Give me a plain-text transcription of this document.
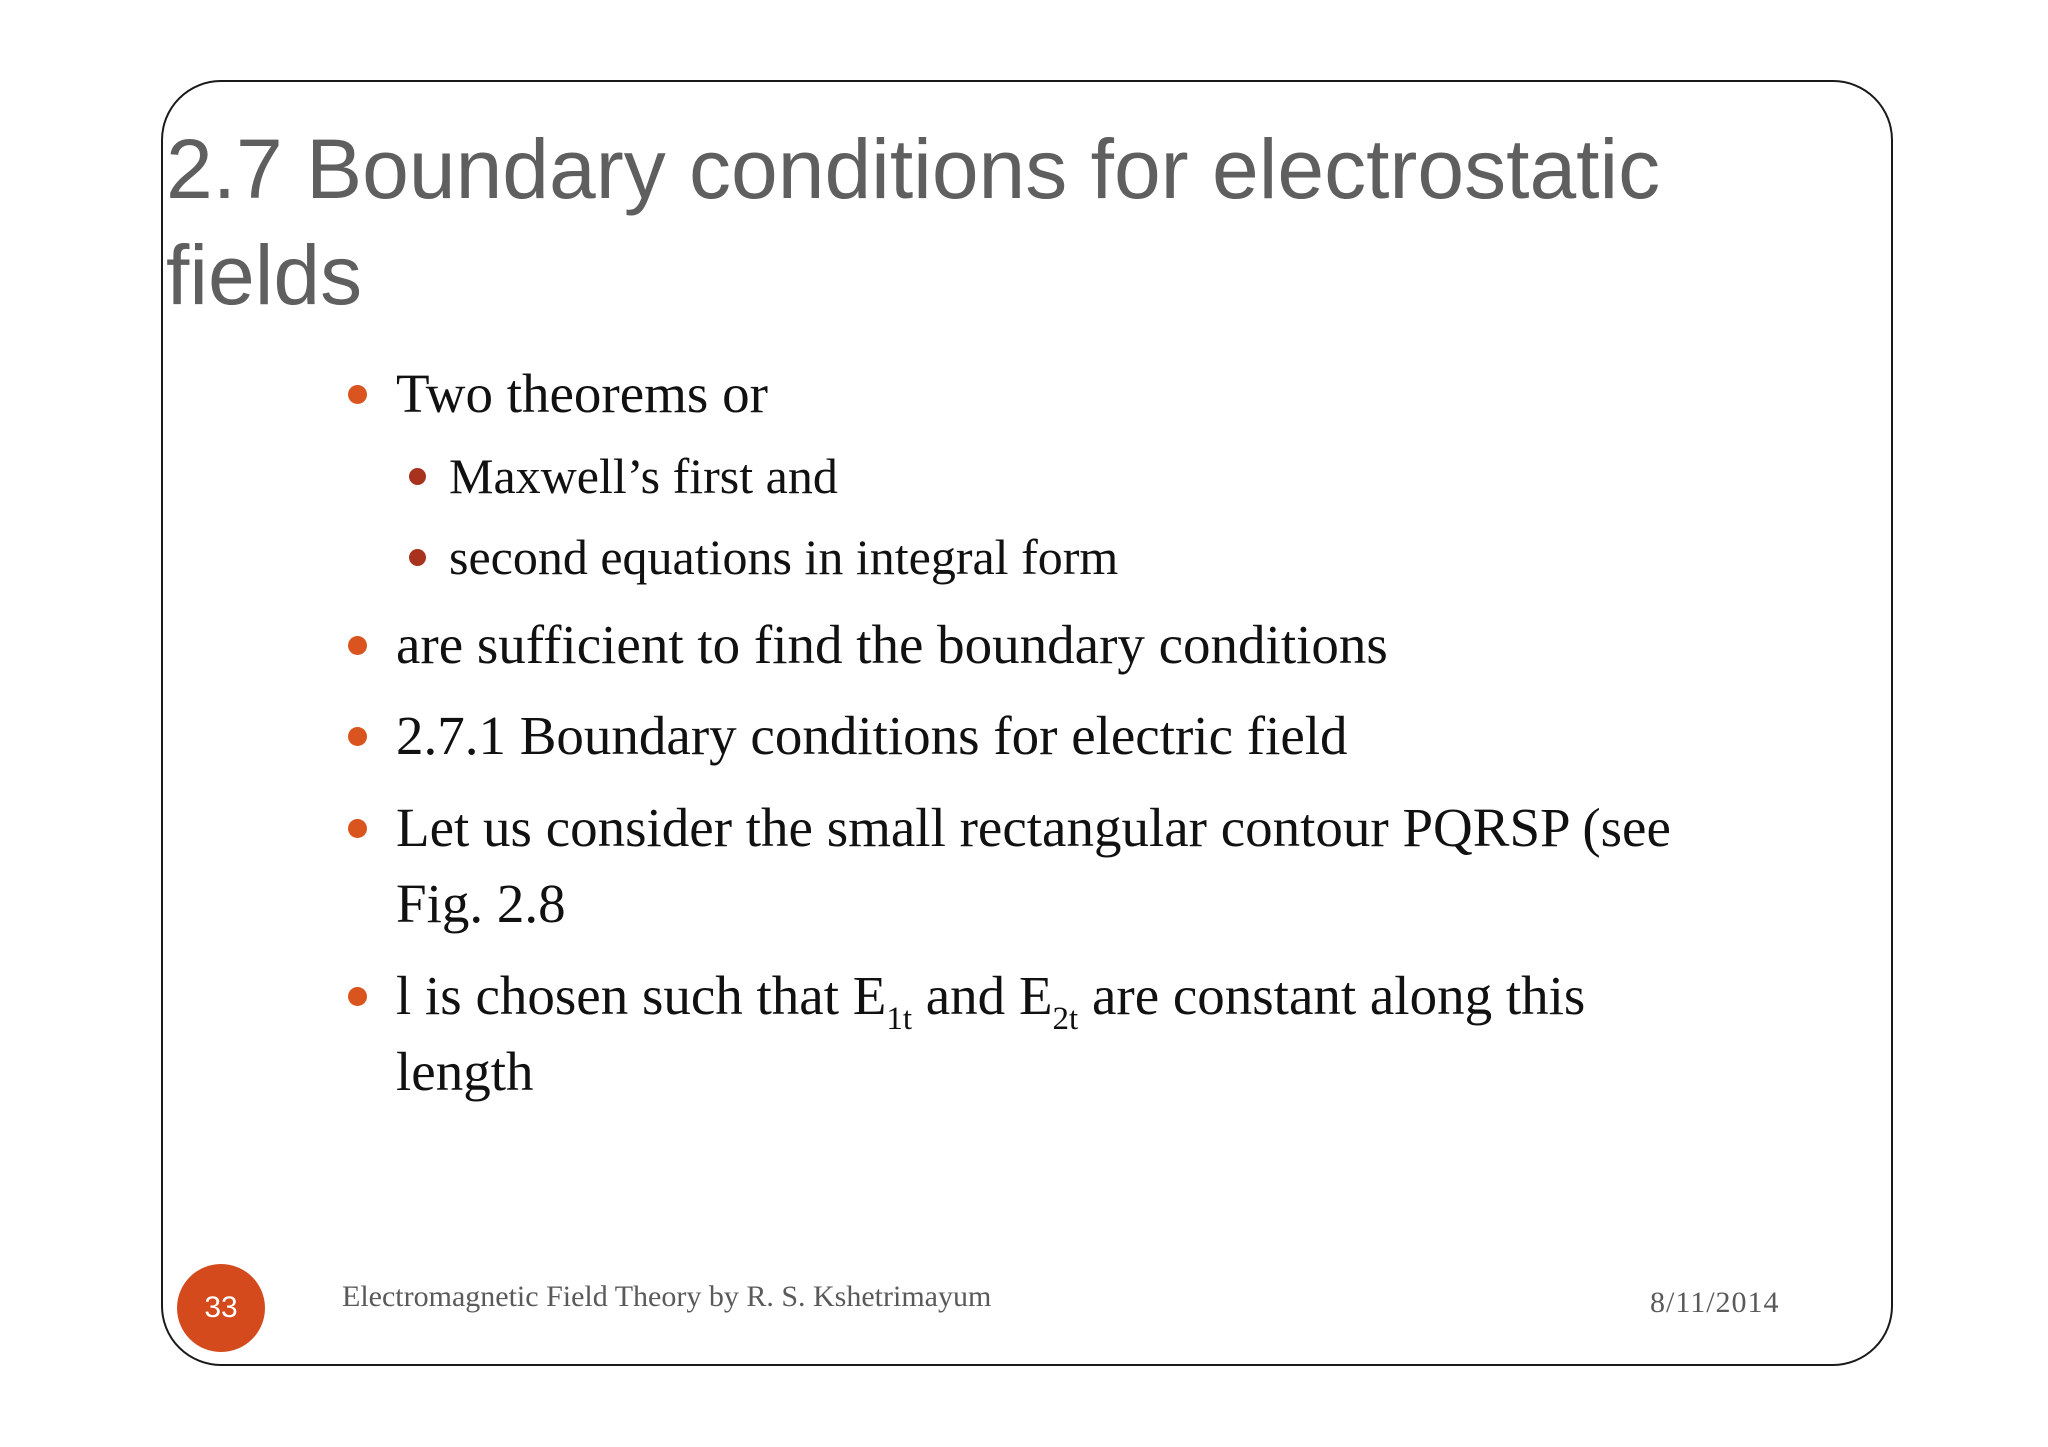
2.7 Boundary conditions for electrostatic fields
Two theorems or
Maxwell’s first and
second equations in integral form
are sufficient to find the boundary conditions
2.7.1 Boundary conditions for electric field
Let us consider the small rectangular contour PQRSP (see
Fig. 2.8
l is chosen such that $E_{1t}$ and $E_{2t}$ are constant along this
length
33	Electromagnetic Field Theory by R. S. Kshetrimayum	8/11/2014
